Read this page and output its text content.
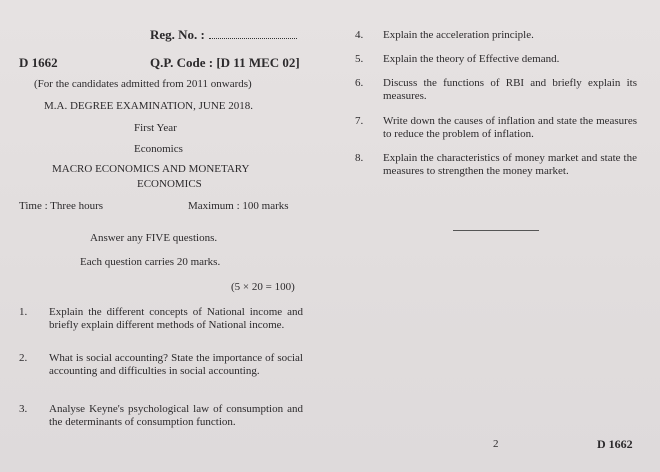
Reg. No. :
D 1662	Q.P. Code : [D 11 MEC 02]
(For the candidates admitted from 2011 onwards)
M.A. DEGREE EXAMINATION, JUNE 2018.
First Year
Economics
MACRO ECONOMICS AND MONETARY
ECONOMICS
Time : Three hours	Maximum : 100 marks
Answer any FIVE questions.
Each question carries 20 marks.
(5 × 20 = 100)
1. Explain the different concepts of National income and briefly explain different methods of National income.
2. What is social accounting? State the importance of social accounting and difficulties in social accounting.
3. Analyse Keyne's psychological law of consumption and the determinants of consumption function.
4. Explain the acceleration principle.
5. Explain the theory of Effective demand.
6. Discuss the functions of RBI and briefly explain its measures.
7. Write down the causes of inflation and state the measures to reduce the problem of inflation.
8. Explain the characteristics of money market and state the measures to strengthen the money market.
2	D 1662
